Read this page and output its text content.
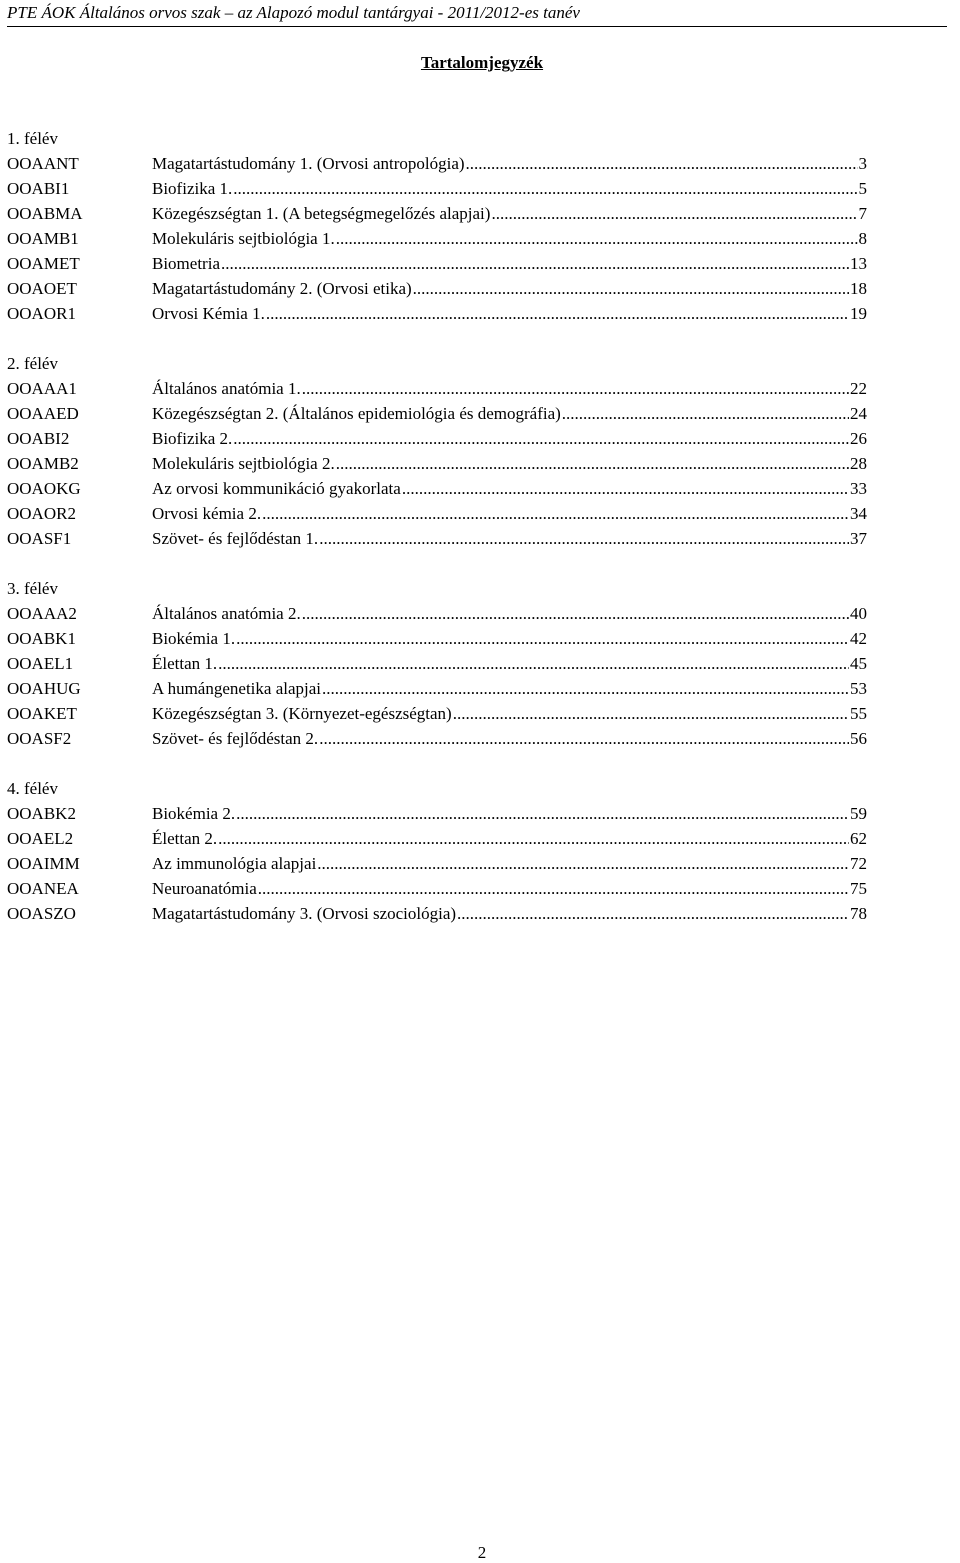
PTE ÁOK Általános orvos szak – az Alapozó modul tantárgyai - 2011/2012-es tanév
Tartalomjegyzék
1. félév
OOAANT	Magatartástudomány 1. (Orvosi antropológia) .....	3
OOABI1	Biofizika 1. .....	5
OOABMA	Közegészségtan 1. (A betegségmegelőzés alapjai) .....	7
OOAMB1	Molekuláris sejtbiológia 1. .....	8
OOAMET	Biometria .....	13
OOAOET	Magatartástudomány 2. (Orvosi etika) .....	18
OOAOR1	Orvosi Kémia 1. .....	19
2. félév
OOAAA1	Általános anatómia 1. .....	22
OOAAED	Közegészségtan 2. (Általános epidemiológia és demográfia) .....	24
OOABI2	Biofizika 2. .....	26
OOAMB2	Molekuláris sejtbiológia 2. .....	28
OOAOKG	Az orvosi kommunikáció gyakorlata .....	33
OOAOR2	Orvosi kémia 2. .....	34
OOASF1	Szövet- és fejlődéstan 1. .....	37
3. félév
OOAAA2	Általános anatómia 2. .....	40
OOABK1	Biokémia 1. .....	42
OOAEL1	Élettan 1. .....	45
OOAHUG	A humángenetika alapjai .....	53
OOAKET	Közegészségtan 3. (Környezet-egészségtan) .....	55
OOASF2	Szövet- és fejlődéstan 2. .....	56
4. félév
OOABK2	Biokémia 2. .....	59
OOAEL2	Élettan 2. .....	62
OOAIMM	Az immunológia alapjai .....	72
OOANEA	Neuroanatómia .....	75
OOASZO	Magatartástudomány 3. (Orvosi szociológia) .....	78
2
